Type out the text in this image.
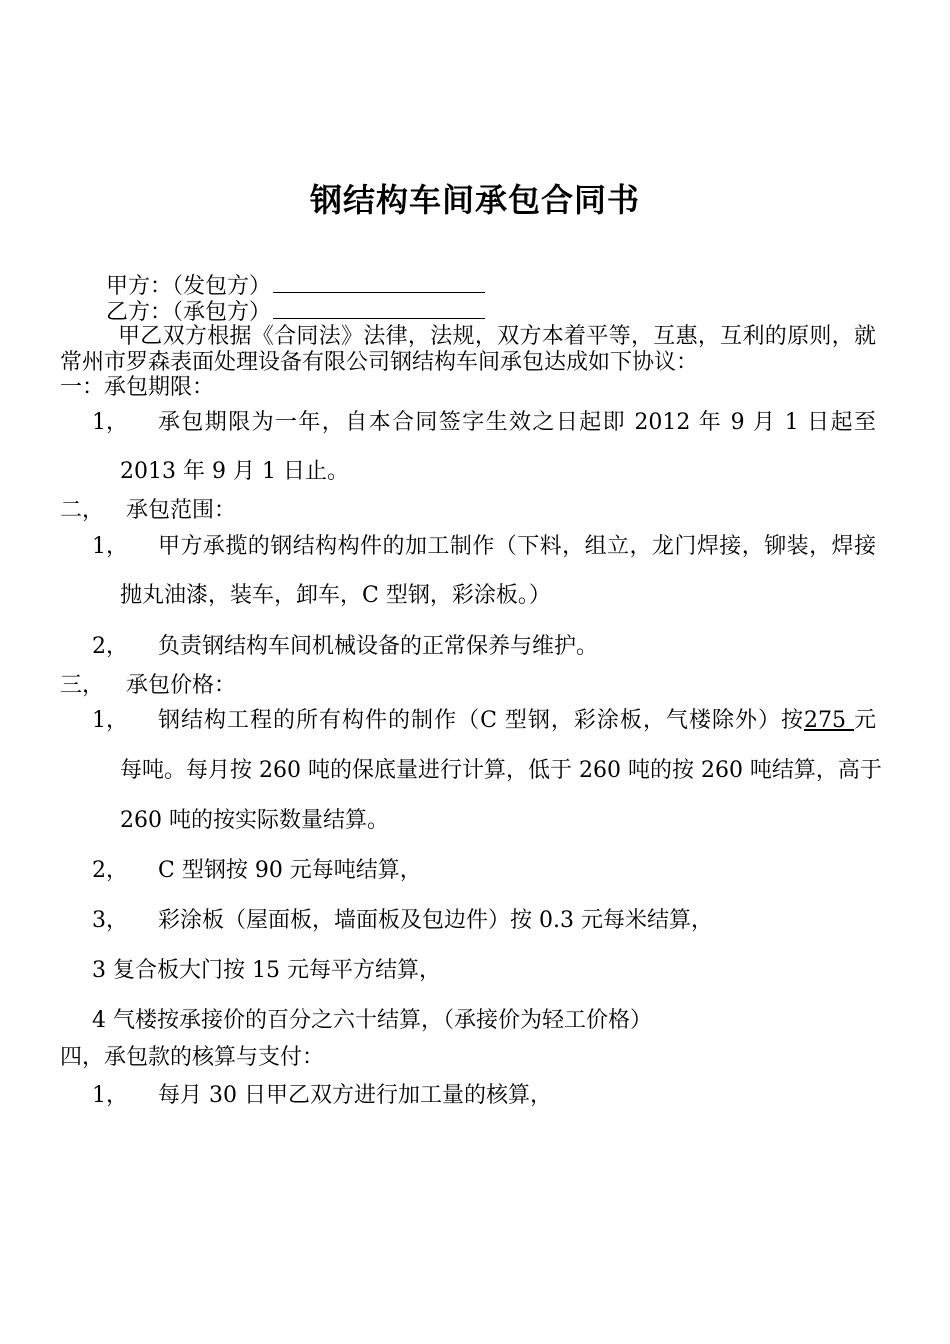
钢结构车间承包合同书
甲方：（发包方）
乙方：（承包方）
甲乙双方根据《合同法》法律，法规，双方本着平等，互惠，互利的原则，就
常州市罗森表面处理设备有限公司钢结构车间承包达成如下协议：
一：承包期限：
1， 承包期限为一年，自本合同签字生效之日起即 2012 年 9 月 1 日起至
2013 年 9 月 1 日止。
二， 承包范围：
1， 甲方承揽的钢结构构件的加工制作（下料，组立，龙门焊接，铆装，焊接
抛丸油漆，装车，卸车，C 型钢，彩涂板。）
2， 负责钢结构车间机械设备的正常保养与维护。
三， 承包价格：
1， 钢结构工程的所有构件的制作（C 型钢，彩涂板，气楼除外）按275 元
每吨。每月按 260 吨的保底量进行计算，低于 260 吨的按 260 吨结算，高于
260 吨的按实际数量结算。
2， C 型钢按 90 元每吨结算，
3， 彩涂板（屋面板，墙面板及包边件）按 0.3 元每米结算，
3 复合板大门按 15 元每平方结算，
4 气楼按承接价的百分之六十结算，（承接价为轻工价格）
四，承包款的核算与支付：
1， 每月 30 日甲乙双方进行加工量的核算，
